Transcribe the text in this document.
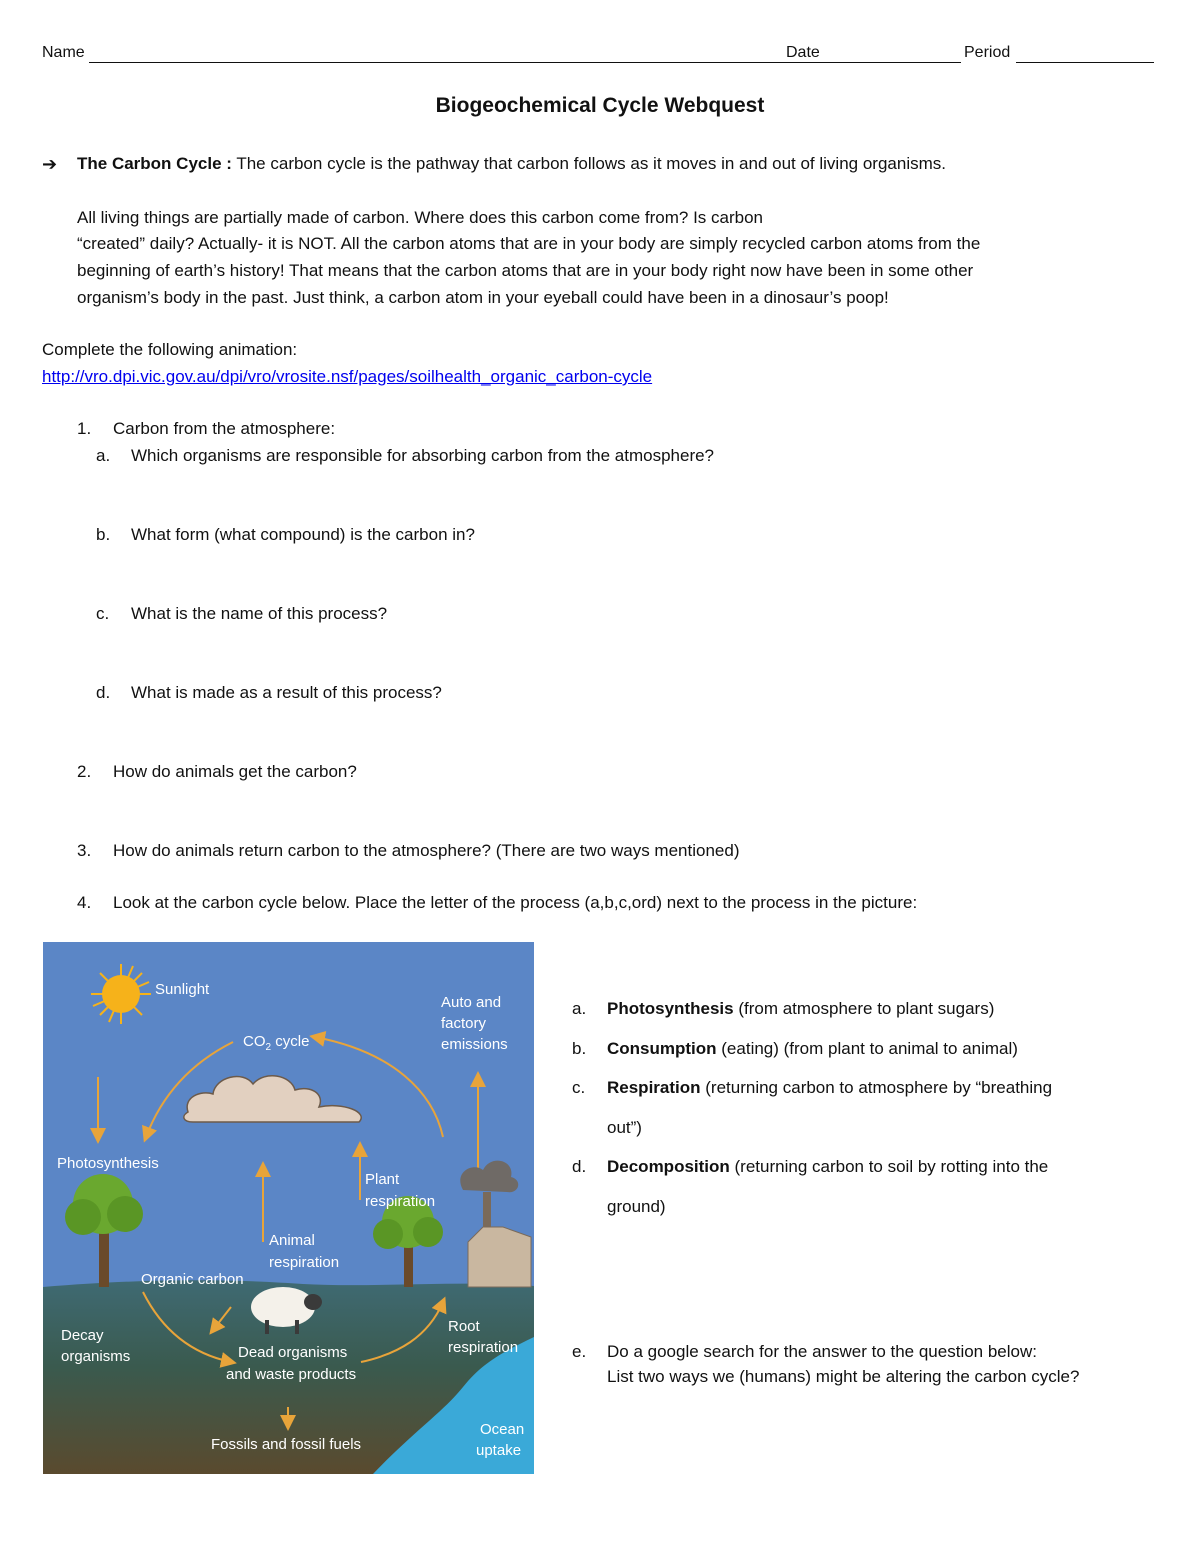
Name	Date	Period
Biogeochemical Cycle Webquest
➔ The Carbon Cycle : The carbon cycle is the pathway that carbon follows as it moves in and out of living organisms.
All living things are partially made of carbon. Where does this carbon come from? Is carbon
“created” daily? Actually- it is NOT. All the carbon atoms that are in your body are simply recycled carbon atoms from the
beginning of earth’s history! That means that the carbon atoms that are in your body right now have been in some other
organism’s body in the past. Just think, a carbon atom in your eyeball could have been in a dinosaur’s poop!
Complete the following animation:
http://vro.dpi.vic.gov.au/dpi/vro/vrosite.nsf/pages/soilhealth_organic_carbon-cycle
1. Carbon from the atmosphere:
a. Which organisms are responsible for absorbing carbon from the atmosphere?
b. What form (what compound) is the carbon in?
c. What is the name of this process?
d. What is made as a result of this process?
2. How do animals get the carbon?
3. How do animals return carbon to the atmosphere? (There are two ways mentioned)
4. Look at the carbon cycle below. Place the letter of the process (a,b,c,ord) next to the process in the picture:
a. Photosynthesis (from atmosphere to plant sugars)
b. Consumption (eating) (from plant to animal to animal)
c. Respiration (returning carbon to atmosphere by “breathing
out”)
d. Decomposition (returning carbon to soil by rotting into the
ground)
e. Do a google search for the answer to the question below:
List two ways we (humans) might be altering the carbon cycle?
Sunlight
$CO_2$ cycle
Auto and
factory
emissions
Photosynthesis
Plant
respiration
Animal
respiration
Organic carbon
Decay
organisms	Dead organisms
and waste products
Root
respiration
Fossils and fossil fuels
Ocean
uptake
